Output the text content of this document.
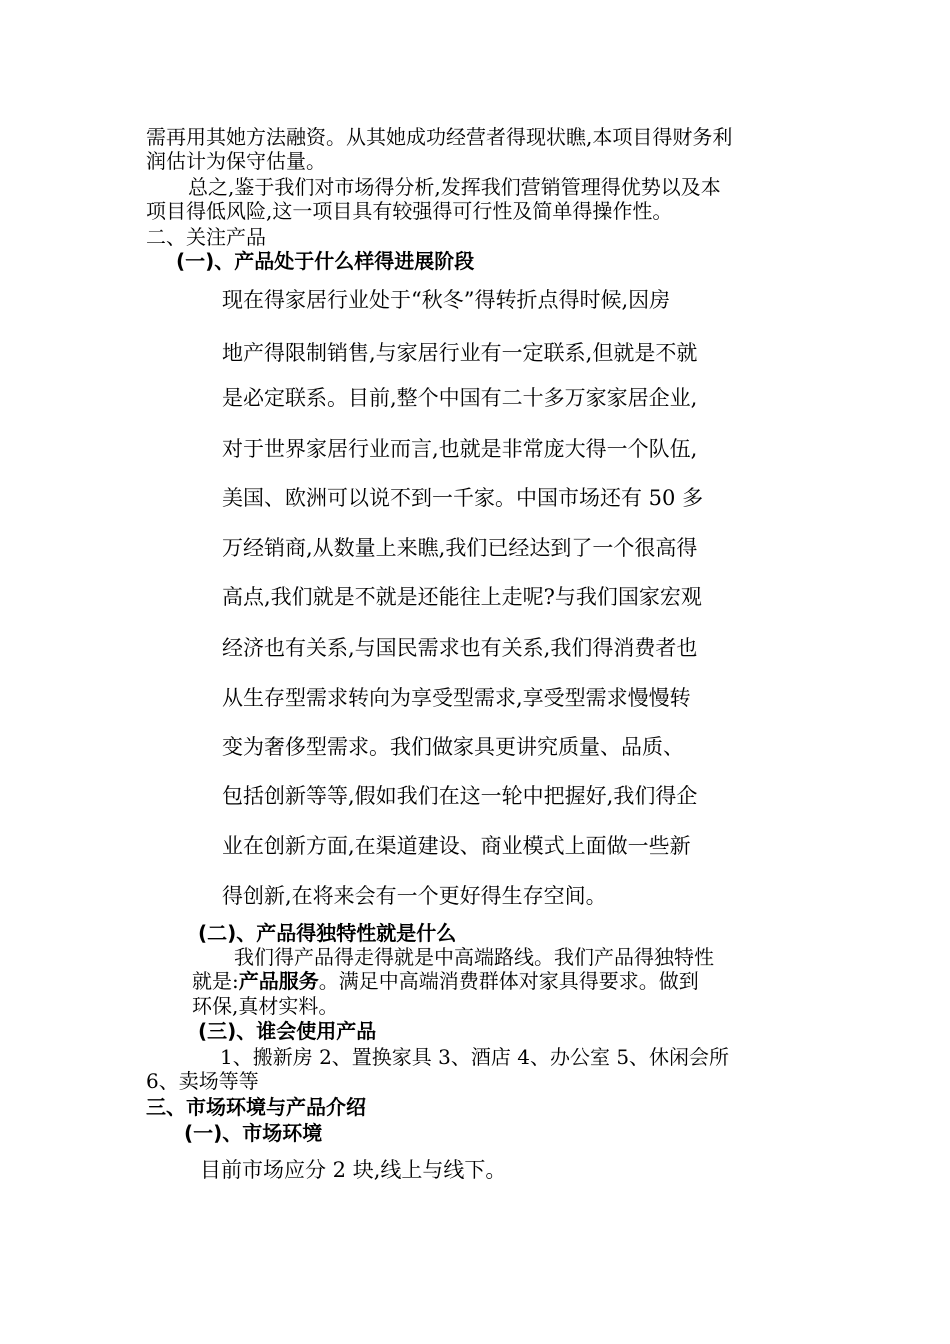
需再用其她方法融资。从其她成功经营者得现状瞧,本项目得财务利
润估计为保守估量。
总之,鉴于我们对市场得分析,发挥我们营销管理得优势以及本
项目得低风险,这一项目具有较强得可行性及简单得操作性。
二、关注产品
(一)、产品处于什么样得进展阶段
现在得家居行业处于“秋冬”得转折点得时候,因房
地产得限制销售,与家居行业有一定联系,但就是不就
是必定联系。目前,整个中国有二十多万家家居企业,
对于世界家居行业而言,也就是非常庞大得一个队伍,
美国、欧洲可以说不到一千家。中国市场还有 50 多
万经销商,从数量上来瞧,我们已经达到了一个很高得
高点,我们就是不就是还能往上走呢?与我们国家宏观
经济也有关系,与国民需求也有关系,我们得消费者也
从生存型需求转向为享受型需求,享受型需求慢慢转
变为奢侈型需求。我们做家具更讲究质量、品质、
包括创新等等,假如我们在这一轮中把握好,我们得企
业在创新方面,在渠道建设、商业模式上面做一些新
得创新,在将来会有一个更好得生存空间。
(二)、产品得独特性就是什么
我们得产品得走得就是中高端路线。我们产品得独特性
就是:产品服务。满足中高端消费群体对家具得要求。做到
环保,真材实料。
(三)、谁会使用产品
1、搬新房 2、置换家具 3、酒店 4、办公室 5、休闲会所
6、卖场等等
三、市场环境与产品介绍
(一)、市场环境
目前市场应分 2 块,线上与线下。
